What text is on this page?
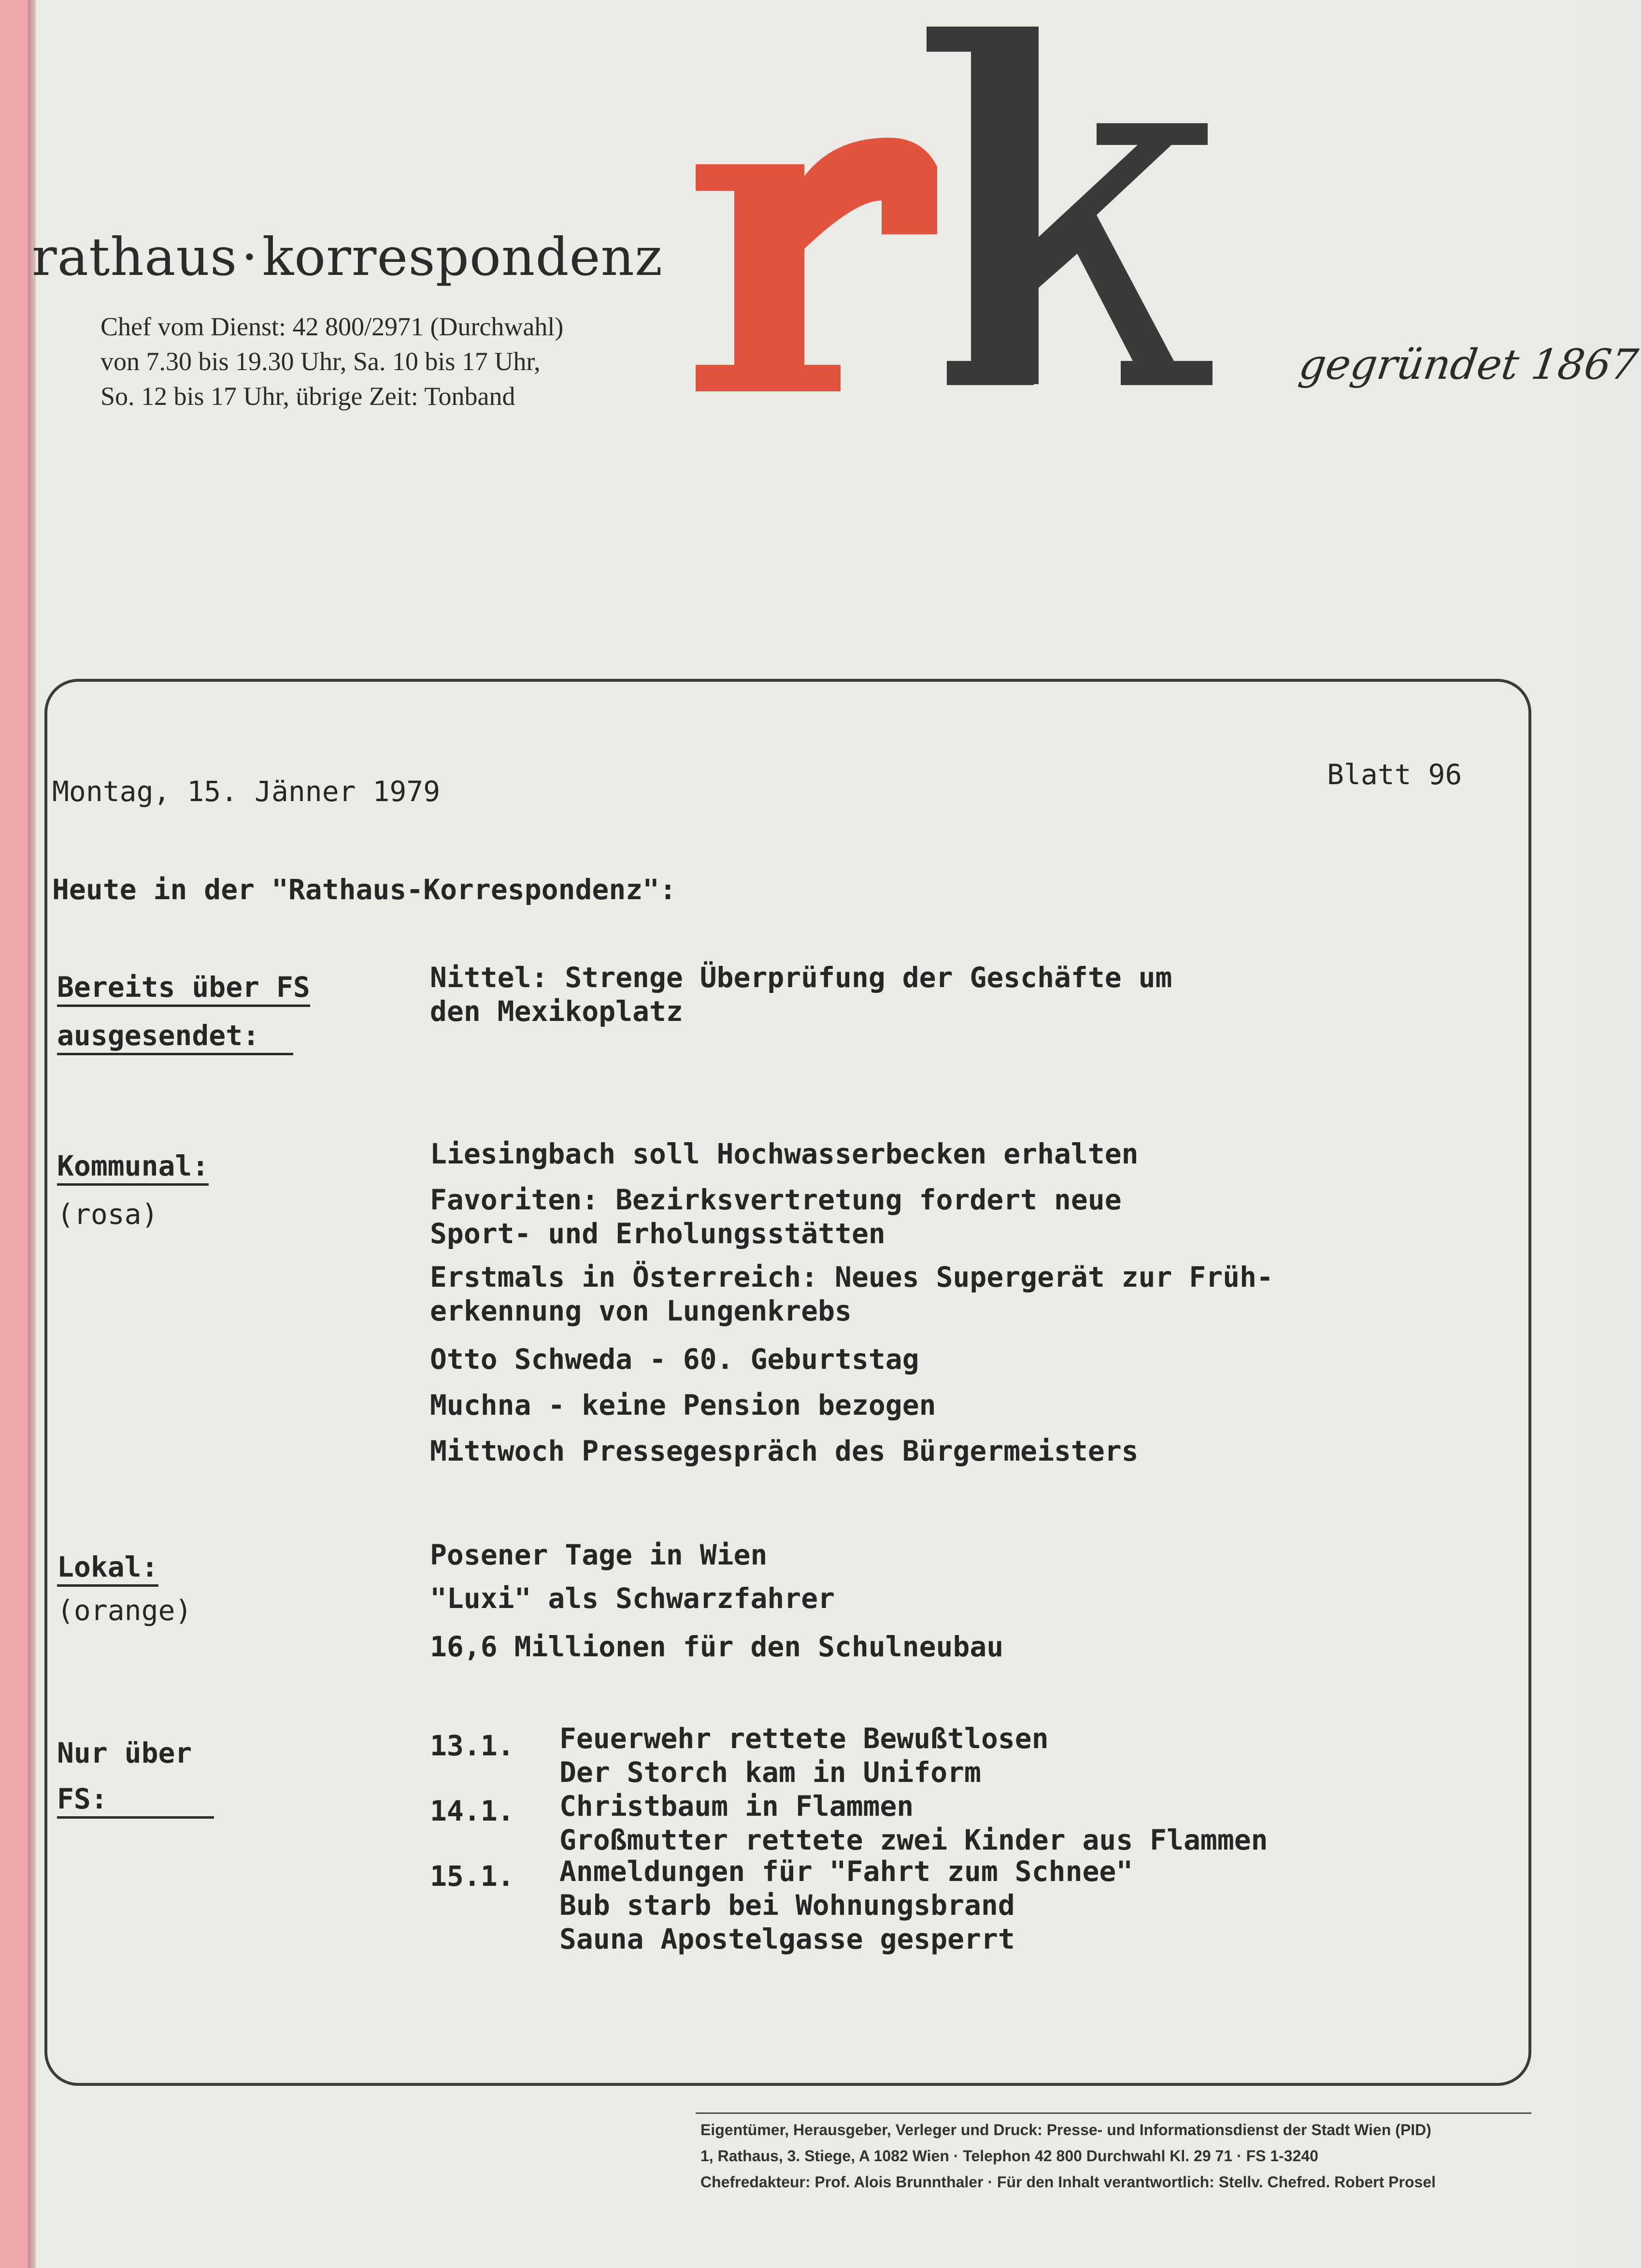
rathaus·korrespondenz
Chef vom Dienst: 42 800/2971 (Durchwahl)
von 7.30 bis 19.30 Uhr, Sa. 10 bis 17 Uhr,
So. 12 bis 17 Uhr, übrige Zeit: Tonband
gegründet 1867
Montag, 15. Jänner 1979
Blatt 96
Heute in der "Rathaus-Korrespondenz":
Bereits über FS
ausgesendet:
Nittel: Strenge Überprüfung der Geschäfte um
den Mexikoplatz
Kommunal:
(rosa)
Liesingbach soll Hochwasserbecken erhalten
Favoriten: Bezirksvertretung fordert neue
Sport- und Erholungsstätten
Erstmals in Österreich: Neues Supergerät zur Früh-
erkennung von Lungenkrebs
Otto Schweda - 60. Geburtstag
Muchna - keine Pension bezogen
Mittwoch Pressegespräch des Bürgermeisters
Lokal:
(orange)
Posener Tage in Wien
"Luxi" als Schwarzfahrer
16,6 Millionen für den Schulneubau
Nur über
FS:
13.1. Feuerwehr rettete Bewußtlosen
Der Storch kam in Uniform
14.1. Christbaum in Flammen
Großmutter rettete zwei Kinder aus Flammen
15.1. Anmeldungen für "Fahrt zum Schnee"
Bub starb bei Wohnungsbrand
Sauna Apostelgasse gesperrt
Eigentümer, Herausgeber, Verleger und Druck: Presse- und Informationsdienst der Stadt Wien (PID)
1, Rathaus, 3. Stiege, A 1082 Wien · Telephon 42 800 Durchwahl Kl. 29 71 · FS 1-3240
Chefredakteur: Prof. Alois Brunnthaler · Für den Inhalt verantwortlich: Stellv. Chefred. Robert Prosel
